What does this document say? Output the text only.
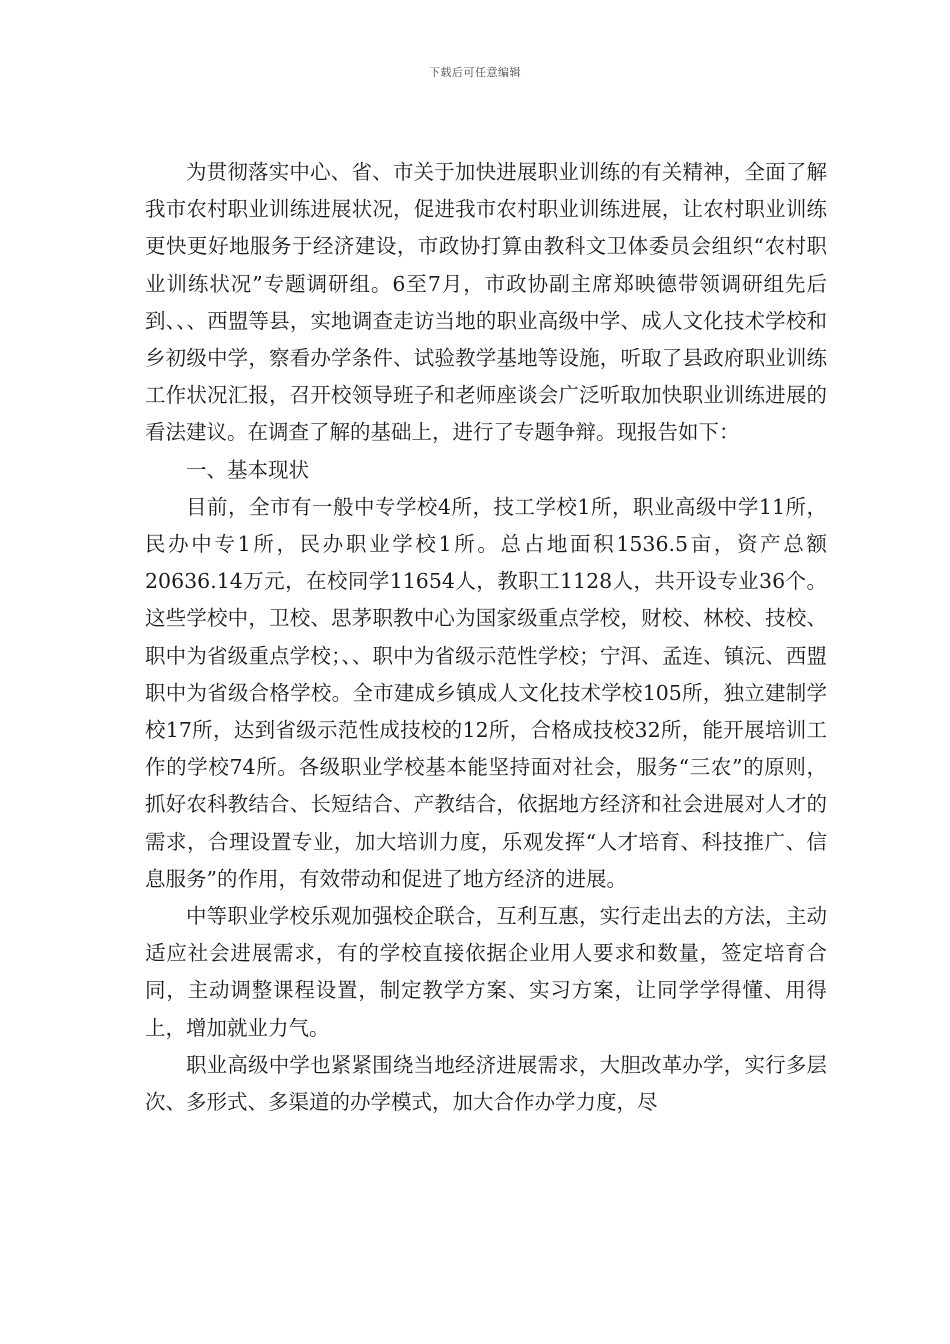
下载后可任意编辑

为贯彻落实中心、省、市关于加快进展职业训练的有关精神，全面了解我市农村职业训练进展状况，促进我市农村职业训练进展，让农村职业训练更快更好地服务于经济建设，市政协打算由教科文卫体委员会组织“农村职业训练状况”专题调研组。6至7月，市政协副主席郑映德带领调研组先后到、、、西盟等县，实地调查走访当地的职业高级中学、成人文化技术学校和乡初级中学，察看办学条件、试验教学基地等设施，听取了县政府职业训练工作状况汇报，召开校领导班子和老师座谈会广泛听取加快职业训练进展的看法建议。在调查了解的基础上，进行了专题争辩。现报告如下：

一、基本现状

目前，全市有一般中专学校4所，技工学校1所，职业高级中学11所，民办中专1所，民办职业学校1所。总占地面积1536.5亩，资产总额20636.14万元，在校同学11654人，教职工1128人，共开设专业36个。这些学校中，卫校、思茅职教中心为国家级重点学校，财校、林校、技校、职中为省级重点学校；、、职中为省级示范性学校；宁洱、孟连、镇沅、西盟职中为省级合格学校。全市建成乡镇成人文化技术学校105所，独立建制学校17所，达到省级示范性成技校的12所，合格成技校32所，能开展培训工作的学校74所。各级职业学校基本能坚持面对社会，服务“三农”的原则，抓好农科教结合、长短结合、产教结合，依据地方经济和社会进展对人才的需求，合理设置专业，加大培训力度，乐观发挥“人才培育、科技推广、信息服务”的作用，有效带动和促进了地方经济的进展。

中等职业学校乐观加强校企联合，互利互惠，实行走出去的方法，主动适应社会进展需求，有的学校直接依据企业用人要求和数量，签定培育合同，主动调整课程设置，制定教学方案、实习方案，让同学学得懂、用得上，增加就业力气。

职业高级中学也紧紧围绕当地经济进展需求，大胆改革办学，实行多层次、多形式、多渠道的办学模式，加大合作办学力度，尽
